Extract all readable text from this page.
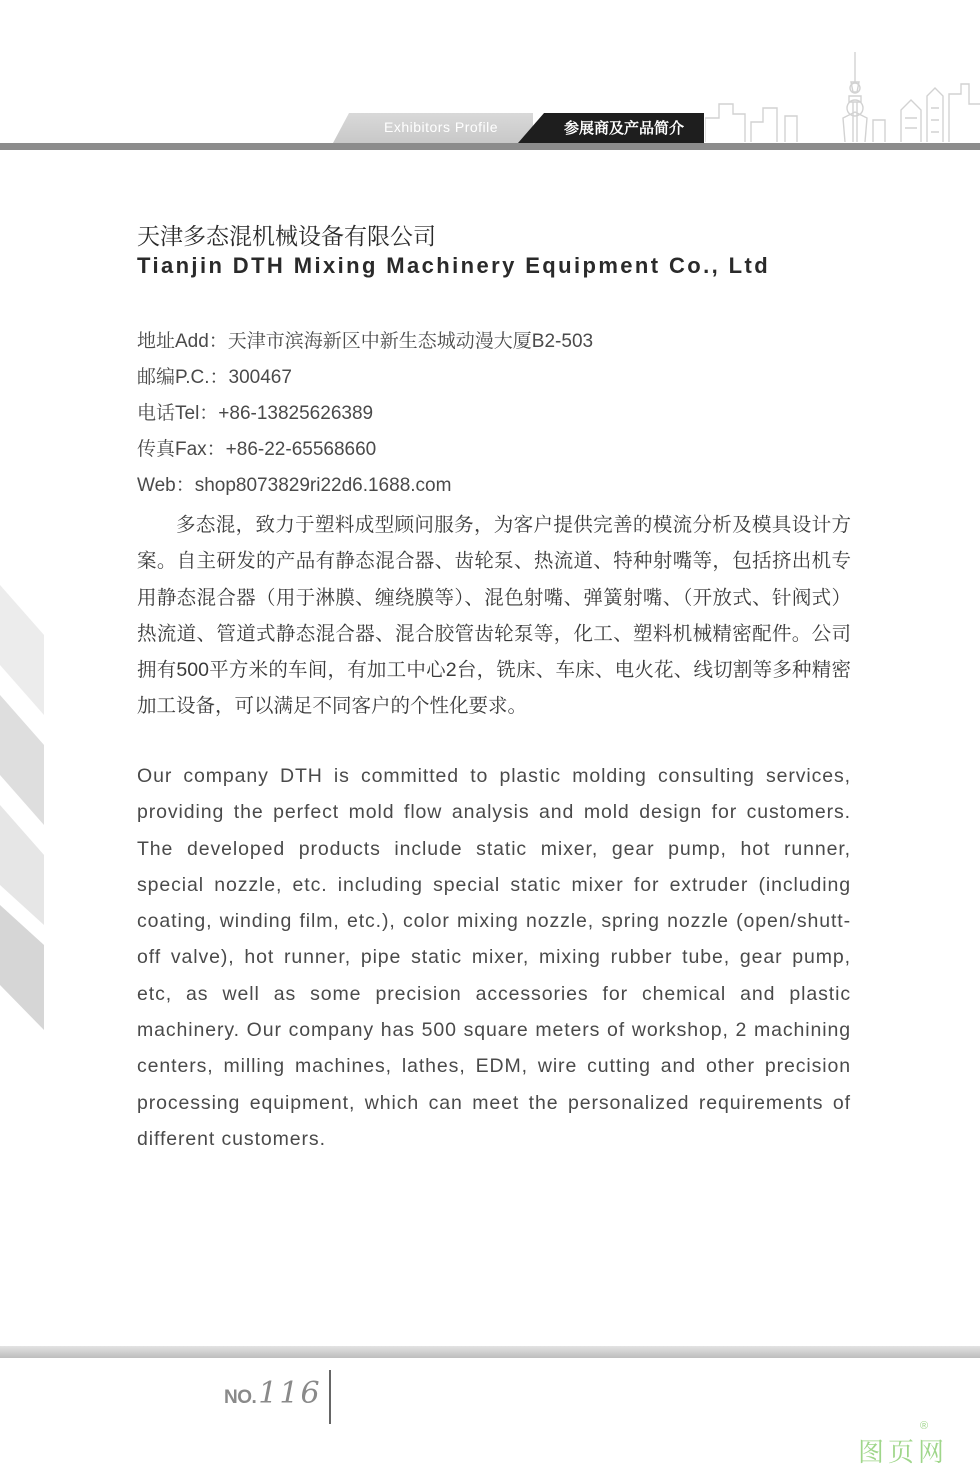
Exhibitors Profile	参展商及产品简介
天津多态混机械设备有限公司
Tianjin DTH Mixing Machinery Equipment Co., Ltd
地址Add：天津市滨海新区中新生态城动漫大厦B2-503
邮编P.C.：300467
电话Tel：+86-13825626389
传真Fax：+86-22-65568660
Web：shop8073829ri22d6.1688.com

多态混，致力于塑料成型顾问服务，为客户提供完善的模流分析及模具设计方案。自主研发的产品有静态混合器、齿轮泵、热流道、特种射嘴等，包括挤出机专用静态混合器（用于淋膜、缠绕膜等）、混色射嘴、弹簧射嘴、（开放式、针阀式）热流道、管道式静态混合器、混合胶管齿轮泵等，化工、塑料机械精密配件。公司拥有500平方米的车间，有加工中心2台，铣床、车床、电火花、线切割等多种精密加工设备，可以满足不同客户的个性化要求。

Our company DTH is committed to plastic molding consulting services, providing the perfect mold flow analysis and mold design for customers. The developed products include static mixer, gear pump, hot runner, special nozzle, etc. including special static mixer for extruder (including coating, winding film, etc.), color mixing nozzle, spring nozzle (open/shutt-off valve), hot runner, pipe static mixer, mixing rubber tube, gear pump, etc, as well as some precision accessories for chemical and plastic machinery. Our company has 500 square meters of workshop, 2 machining centers, milling machines, lathes, EDM, wire cutting and other precision processing equipment, which can meet the personalized requirements of different customers.

NO.116
图页网
®
